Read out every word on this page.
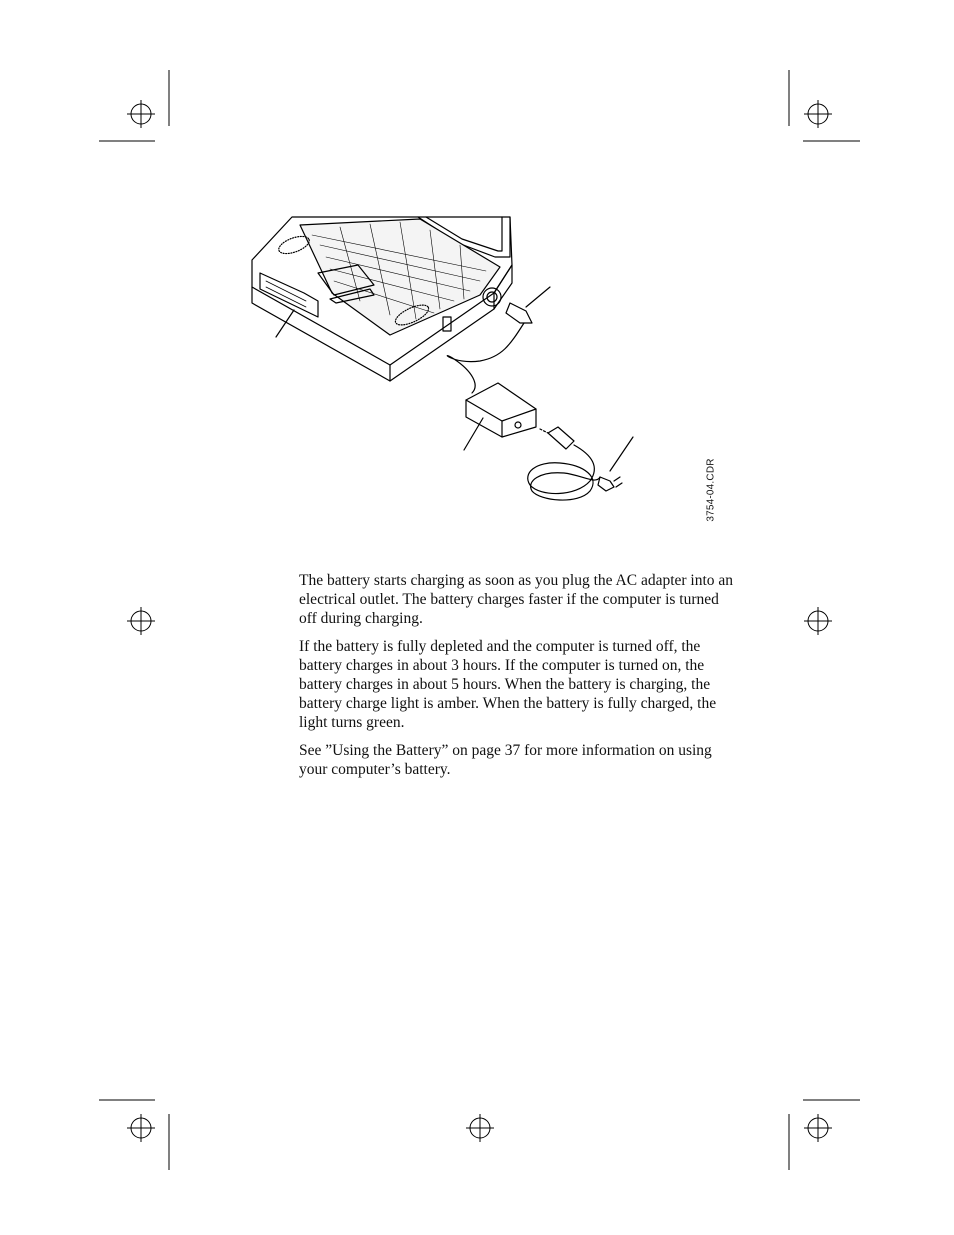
3754-04.CDR

The battery starts charging as soon as you plug the AC adapter into an electrical outlet. The battery charges faster if the computer is turned off during charging.

If the battery is fully depleted and the computer is turned off, the battery charges in about 3 hours. If the computer is turned on, the battery charges in about 5 hours. When the battery is charging, the battery charge light is amber. When the battery is fully charged, the light turns green.

See ”Using the Battery” on page 37 for more information on using your computer’s battery.
